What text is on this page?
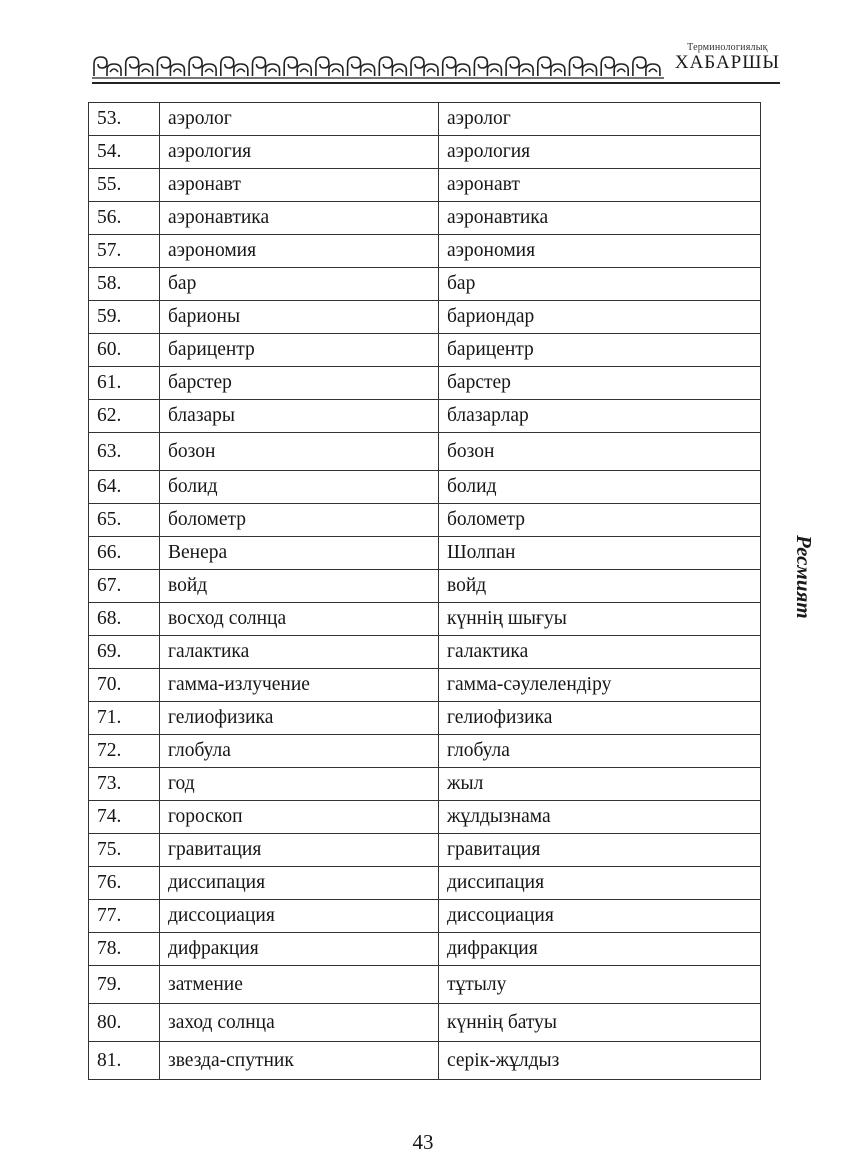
Терминологиялық
ХАБАРШЫ
53.	аэролог	аэролог
54.	аэрология	аэрология
55.	аэронавт	аэронавт
56.	аэронавтика	аэронавтика
57.	аэрономия	аэрономия
58.	бар	бар
59.	барионы	бариондар
60.	барицентр	барицентр
61.	барстер	барстер
62.	блазары	блазарлар
63.	бозон	бозон
64.	болид	болид
65.	болометр	болометр
66.	Венера	Шолпан
67.	войд	войд
68.	восход солнца	күннің шығуы
69.	галактика	галактика
70.	гамма-излучение	гамма-сәулелендіру
71.	гелиофизика	гелиофизика
72.	глобула	глобула
73.	год	жыл
74.	гороскоп	жұлдызнама
75.	гравитация	гравитация
76.	диссипация	диссипация
77.	диссоциация	диссоциация
78.	дифракция	дифракция
79.	затмение	тұтылу
80.	заход солнца	күннің батуы
81.	звезда-спутник	серік-жұлдыз
Ресмият
43
